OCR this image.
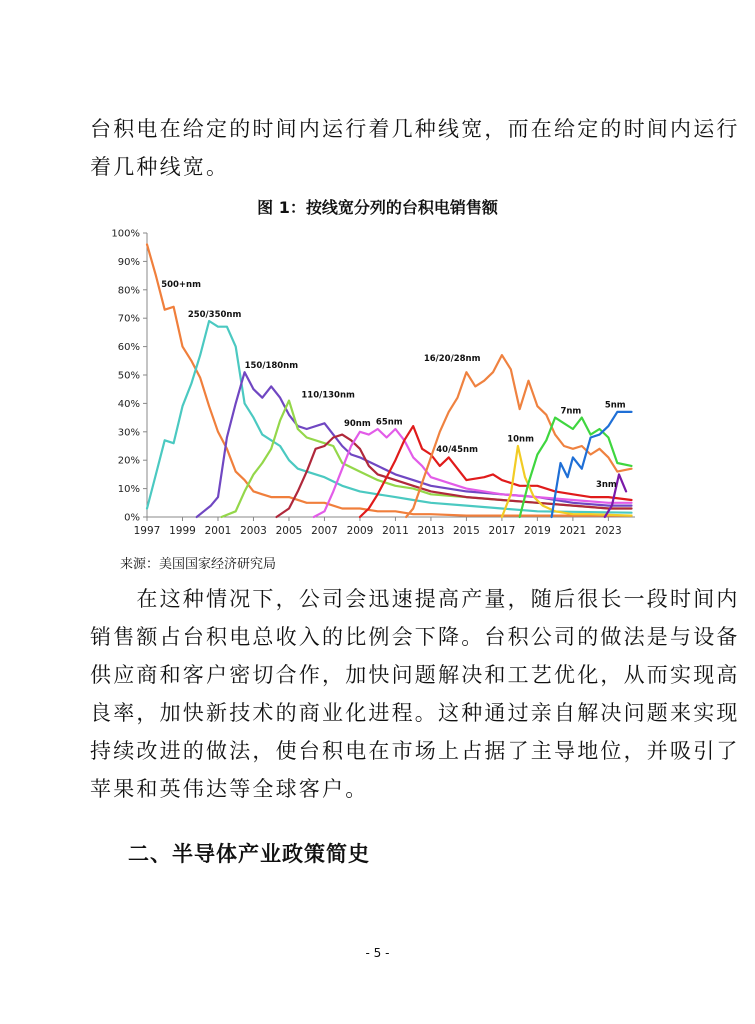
台积电在给定的时间内运行着几种线宽，而在给定的时间内运行
着几种线宽。
图 1：按线宽分列的台积电销售额
0%
10%
20%
30%
40%
50%
60%
70%
80%
90%
100%
1997 1999 2001 2003 2005 2007 2009 2011 2013 2015 2017 2019 2021 2023
500+nm
250/350nm
150/180nm
110/130nm
90nm 65nm
16/20/28nm
40/45nm
10nm
7nm
5nm
3nm
来源：美国国家经济研究局
　　在这种情况下，公司会迅速提高产量，随后很长一段时间内
销售额占台积电总收入的比例会下降。台积公司的做法是与设备
供应商和客户密切合作，加快问题解决和工艺优化，从而实现高
良率，加快新技术的商业化进程。这种通过亲自解决问题来实现
持续改进的做法，使台积电在市场上占据了主导地位，并吸引了
苹果和英伟达等全球客户。
二、半导体产业政策简史
- 5 -
